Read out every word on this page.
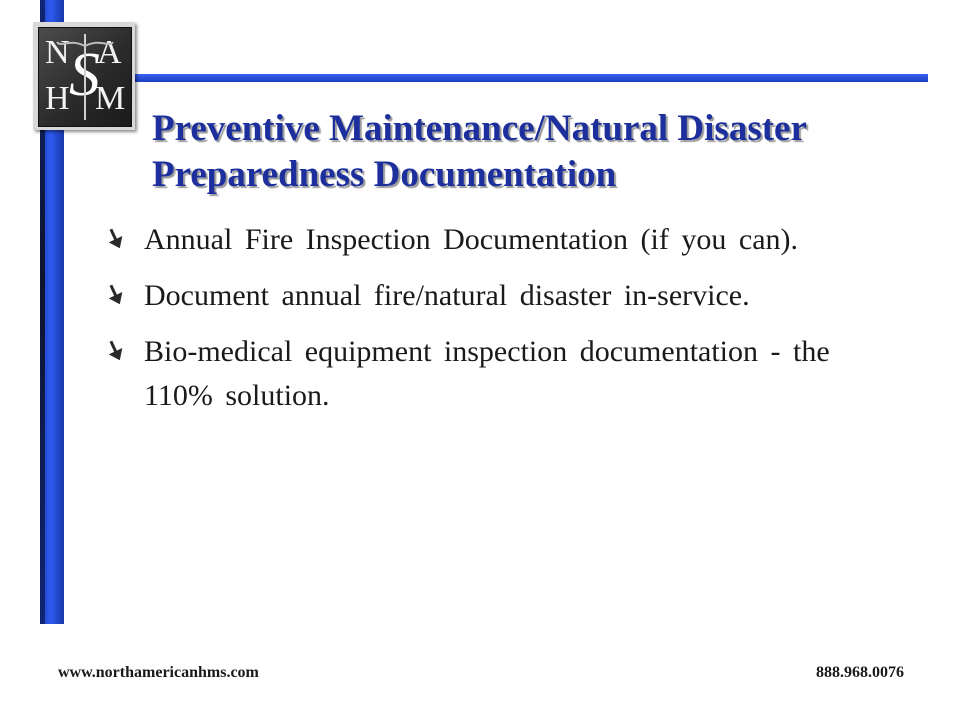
N A
H M
S
Preventive Maintenance/Natural Disaster
Preparedness Documentation
Annual Fire Inspection Documentation (if you can).
Document annual fire/natural disaster in-service.
Bio-medical equipment inspection documentation - the 110% solution.
www.northamericanhms.com	888.968.0076
